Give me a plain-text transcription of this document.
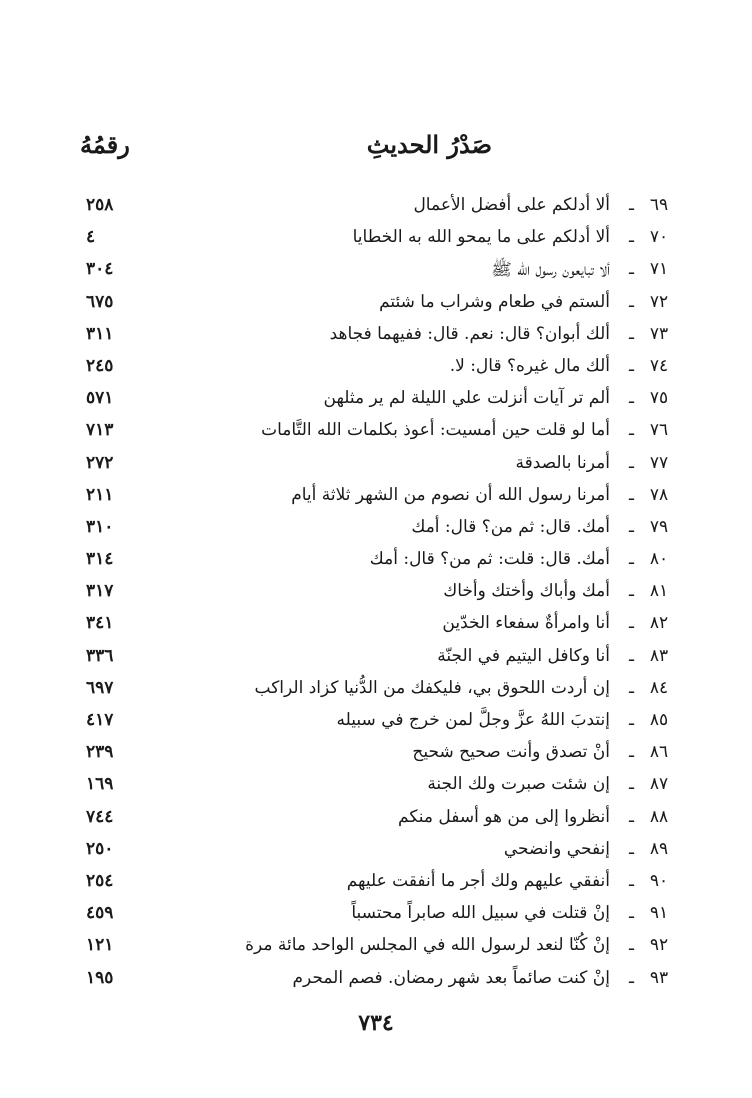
صَدْرُ الحديثِ
رقمُهُ
٦٩
ـ
ألا أدلكم على أفضل الأعمال
٢٥٨
٧٠
ـ
ألا أدلكم على ما يمحو الله به الخطايا
٤
٧١
ـ
ألا تبايعون رسول الله ﷺ
٣٠٤
٧٢
ـ
ألستم في طعام وشراب ما شئتم
٦٧٥
٧٣
ـ
ألك أبوان؟ قال: نعم. قال: ففيهما فجاهد
٣١١
٧٤
ـ
ألك مال غيره؟ قال: لا.
٢٤٥
٧٥
ـ
ألم تر آيات أنزلت علي الليلة لم ير مثلهن
٥٧١
٧٦
ـ
أما لو قلت حين أمسيت: أعوذ بكلمات الله التَّامات
٧١٣
٧٧
ـ
أمرنا بالصدقة
٢٧٢
٧٨
ـ
أمرنا رسول الله أن نصوم من الشهر ثلاثة أيام
٢١١
٧٩
ـ
أمك. قال: ثم من؟ قال: أمك
٣١٠
٨٠
ـ
أمك. قال: قلت: ثم من؟ قال: أمك
٣١٤
٨١
ـ
أمك وأباك وأختك وأخاك
٣١٧
٨٢
ـ
أنا وامرأةٌ سفعاء الخدّين
٣٤١
٨٣
ـ
أنا وكافل اليتيم في الجنّة
٣٣٦
٨٤
ـ
إن أردت اللحوق بي، فليكفك من الدُّنيا كزاد الراكب
٦٩٧
٨٥
ـ
إنتدبَ اللهُ عزَّ وجلَّ لمن خرج في سبيله
٤١٧
٨٦
ـ
أنْ تصدق وأنت صحيح شحيح
٢٣٩
٨٧
ـ
إن شئت صبرت ولك الجنة
١٦٩
٨٨
ـ
أنظروا إلى من هو أسفل منكم
٧٤٤
٨٩
ـ
إنفحي وانضحي
٢٥٠
٩٠
ـ
أنفقي عليهم ولك أجر ما أنفقت عليهم
٢٥٤
٩١
ـ
إنْ قتلت في سبيل الله صابراً محتسباً
٤٥٩
٩٢
ـ
إنْ كُنّا لنعد لرسول الله في المجلس الواحد مائة مرة
١٢١
٩٣
ـ
إنْ كنت صائماً بعد شهر رمضان. فصم المحرم
١٩٥
٧٣٤
